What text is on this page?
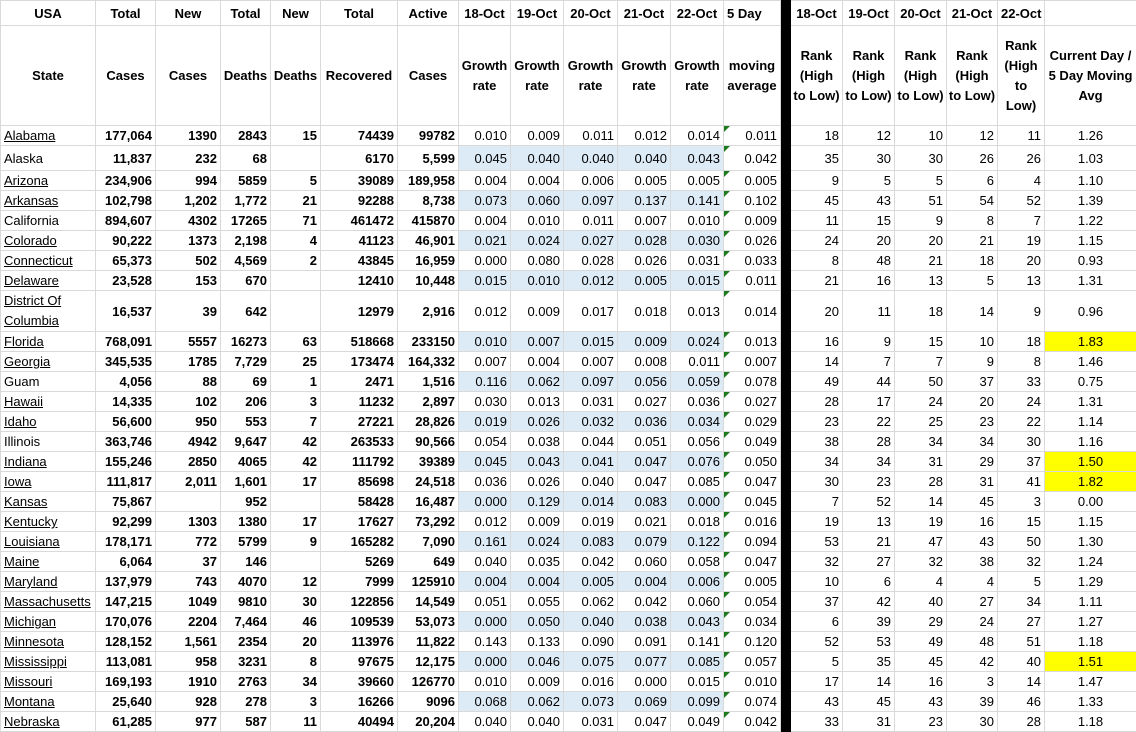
USA	Total	New	Total	New	Total	Active	18-Oct	19-Oct	20-Oct	21-Oct	22-Oct	5 Day		18-Oct	19-Oct	20-Oct	21-Oct	22-Oct	
State	Cases	Cases	Deaths	Deaths	Recovered	Cases	Growth rate	Growth rate	Growth rate	Growth rate	Growth rate	moving average		Rank (High to Low)	Rank (High to Low)	Rank (High to Low)	Rank (High to Low)	Rank (High to Low)	Current Day / 5 Day Moving Avg
Alabama	177,064	1390	2843	15	74439	99782	0.010	0.009	0.011	0.012	0.014	0.011		18	12	10	12	11	1.26
Alaska	11,837	232	68		6170	5,599	0.045	0.040	0.040	0.040	0.043	0.042		35	30	30	26	26	1.03
Arizona	234,906	994	5859	5	39089	189,958	0.004	0.004	0.006	0.005	0.005	0.005		9	5	5	6	4	1.10
Arkansas	102,798	1,202	1,772	21	92288	8,738	0.073	0.060	0.097	0.137	0.141	0.102		45	43	51	54	52	1.39
California	894,607	4302	17265	71	461472	415870	0.004	0.010	0.011	0.007	0.010	0.009		11	15	9	8	7	1.22
Colorado	90,222	1373	2,198	4	41123	46,901	0.021	0.024	0.027	0.028	0.030	0.026		24	20	20	21	19	1.15
Connecticut	65,373	502	4,569	2	43845	16,959	0.000	0.080	0.028	0.026	0.031	0.033		8	48	21	18	20	0.93
Delaware	23,528	153	670		12410	10,448	0.015	0.010	0.012	0.005	0.015	0.011		21	16	13	5	13	1.31
District Of Columbia	16,537	39	642		12979	2,916	0.012	0.009	0.017	0.018	0.013	0.014		20	11	18	14	9	0.96
Florida	768,091	5557	16273	63	518668	233150	0.010	0.007	0.015	0.009	0.024	0.013		16	9	15	10	18	1.83
Georgia	345,535	1785	7,729	25	173474	164,332	0.007	0.004	0.007	0.008	0.011	0.007		14	7	7	9	8	1.46
Guam	4,056	88	69	1	2471	1,516	0.116	0.062	0.097	0.056	0.059	0.078		49	44	50	37	33	0.75
Hawaii	14,335	102	206	3	11232	2,897	0.030	0.013	0.031	0.027	0.036	0.027		28	17	24	20	24	1.31
Idaho	56,600	950	553	7	27221	28,826	0.019	0.026	0.032	0.036	0.034	0.029		23	22	25	23	22	1.14
Illinois	363,746	4942	9,647	42	263533	90,566	0.054	0.038	0.044	0.051	0.056	0.049		38	28	34	34	30	1.16
Indiana	155,246	2850	4065	42	111792	39389	0.045	0.043	0.041	0.047	0.076	0.050		34	34	31	29	37	1.50
Iowa	111,817	2,011	1,601	17	85698	24,518	0.036	0.026	0.040	0.047	0.085	0.047		30	23	28	31	41	1.82
Kansas	75,867		952		58428	16,487	0.000	0.129	0.014	0.083	0.000	0.045		7	52	14	45	3	0.00
Kentucky	92,299	1303	1380	17	17627	73,292	0.012	0.009	0.019	0.021	0.018	0.016		19	13	19	16	15	1.15
Louisiana	178,171	772	5799	9	165282	7,090	0.161	0.024	0.083	0.079	0.122	0.094		53	21	47	43	50	1.30
Maine	6,064	37	146		5269	649	0.040	0.035	0.042	0.060	0.058	0.047		32	27	32	38	32	1.24
Maryland	137,979	743	4070	12	7999	125910	0.004	0.004	0.005	0.004	0.006	0.005		10	6	4	4	5	1.29
Massachusetts	147,215	1049	9810	30	122856	14,549	0.051	0.055	0.062	0.042	0.060	0.054		37	42	40	27	34	1.11
Michigan	170,076	2204	7,464	46	109539	53,073	0.000	0.050	0.040	0.038	0.043	0.034		6	39	29	24	27	1.27
Minnesota	128,152	1,561	2354	20	113976	11,822	0.143	0.133	0.090	0.091	0.141	0.120		52	53	49	48	51	1.18
Mississippi	113,081	958	3231	8	97675	12,175	0.000	0.046	0.075	0.077	0.085	0.057		5	35	45	42	40	1.51
Missouri	169,193	1910	2763	34	39660	126770	0.010	0.009	0.016	0.000	0.015	0.010		17	14	16	3	14	1.47
Montana	25,640	928	278	3	16266	9096	0.068	0.062	0.073	0.069	0.099	0.074		43	45	43	39	46	1.33
Nebraska	61,285	977	587	11	40494	20,204	0.040	0.040	0.031	0.047	0.049	0.042		33	31	23	30	28	1.18
